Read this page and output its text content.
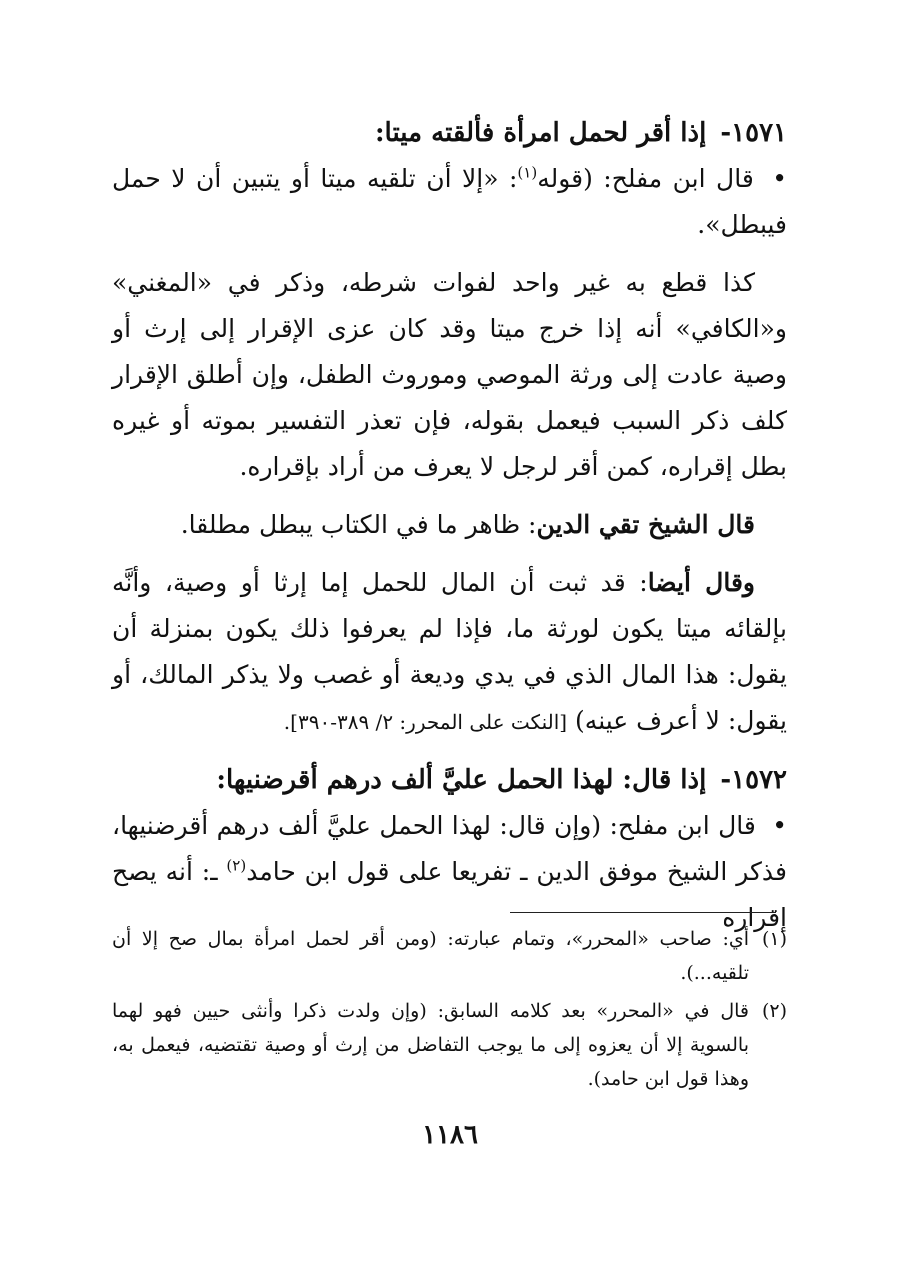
١٥٧١-إذا أقر لحمل امرأة فألقته ميتا:

• قال ابن مفلح: (قوله$^{(١)}$: «إلا أن تلقيه ميتا أو يتبين أن لا حمل فيبطل».

كذا قطع به غير واحد لفوات شرطه، وذكر في «المغني» و«الكافي» أنه إذا خرج ميتا وقد كان عزى الإقرار إلى إرث أو وصية عادت إلى ورثة الموصي وموروث الطفل، وإن أطلق الإقرار كلف ذكر السبب فيعمل بقوله، فإن تعذر التفسير بموته أو غيره بطل إقراره، كمن أقر لرجل لا يعرف من أراد بإقراره.

قال الشيخ تقي الدين: ظاهر ما في الكتاب يبطل مطلقا.

وقال أيضا: قد ثبت أن المال للحمل إما إرثا أو وصية، وأنَّه بإلقائه ميتا يكون لورثة ما، فإذا لم يعرفوا ذلك يكون بمنزلة أن يقول: هذا المال الذي في يدي وديعة أو غصب ولا يذكر المالك، أو يقول: لا أعرف عينه) [النكت على المحرر: ٢/ ٣٨٩-٣٩٠].

١٥٧٢-إذا قال: لهذا الحمل عليَّ ألف درهم أقرضنيها:

• قال ابن مفلح: (وإن قال: لهذا الحمل عليَّ ألف درهم أقرضنيها، فذكر الشيخ موفق الدين ـ تفريعا على قول ابن حامد$^{(٢)}$ ـ: أنه يصح إقراره

(١)
أي: صاحب «المحرر»، وتمام عبارته: (ومن أقر لحمل امرأة بمال صح إلا أن تلقيه...).
(٢)
قال في «المحرر» بعد كلامه السابق: (وإن ولدت ذكرا وأنثى حيين فهو لهما بالسوية إلا أن يعزوه إلى ما يوجب التفاضل من إرث أو وصية تقتضيه، فيعمل به، وهذا قول ابن حامد).
١١٨٦
